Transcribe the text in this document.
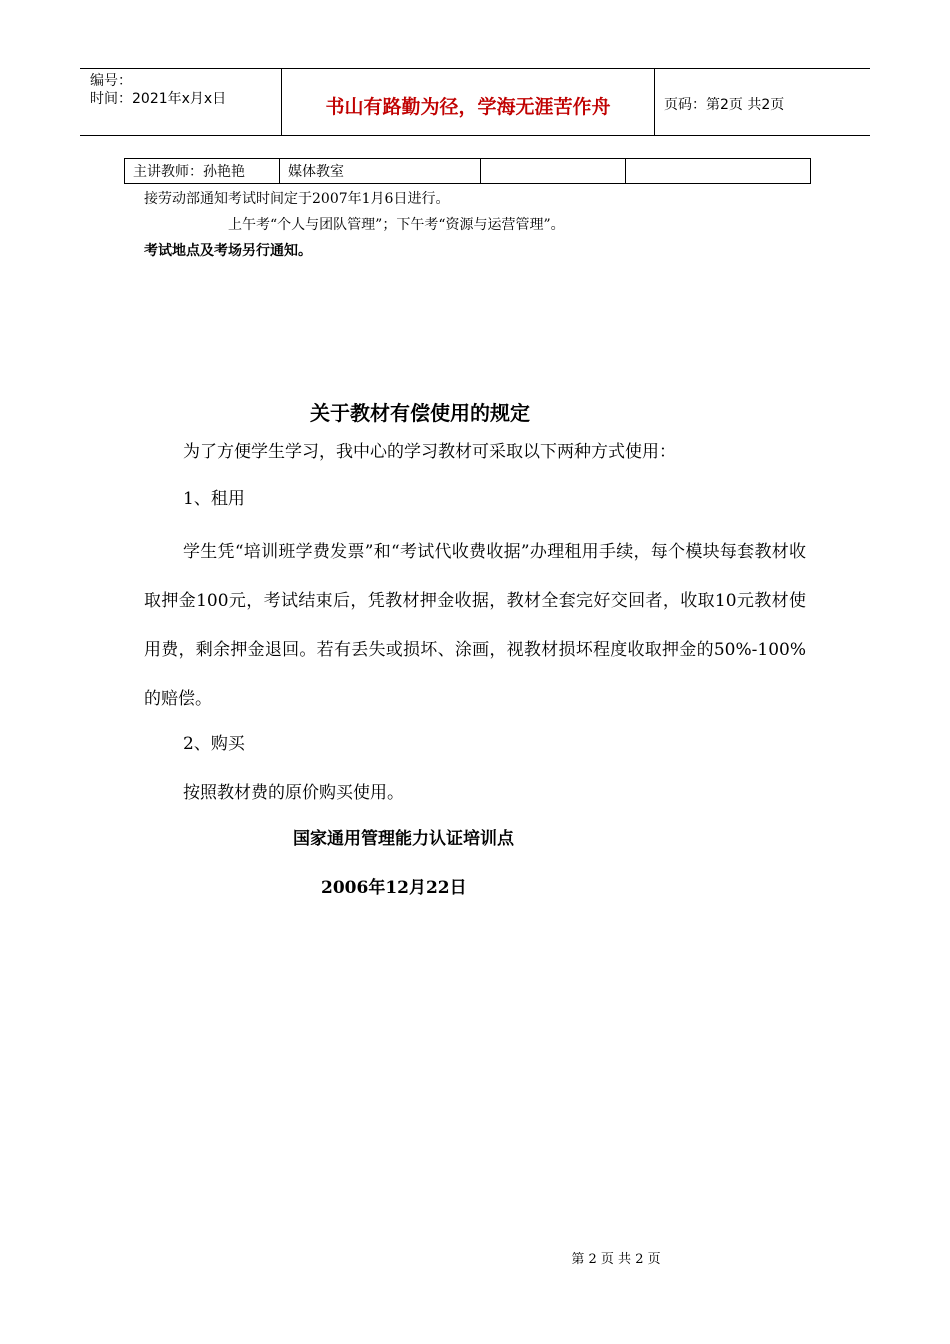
编号：
时间：2021年x月x日	书山有路勤为径，学海无涯苦作舟	页码：第2页 共2页
主讲教师：孙艳艳	媒体教室		
接劳动部通知考试时间定于2007年1月6日进行。
上午考“个人与团队管理”；下午考“资源与运营管理”。
考试地点及考场另行通知。
关于教材有偿使用的规定
为了方便学生学习，我中心的学习教材可采取以下两种方式使用：
1、租用
学生凭“培训班学费发票”和“考试代收费收据”办理租用手续，每个模块每套教材收取押金100元，考试结束后，凭教材押金收据，教材全套完好交回者，收取10元教材使用费，剩余押金退回。若有丢失或损坏、涂画，视教材损坏程度收取押金的50%-100%的赔偿。
2、购买
按照教材费的原价购买使用。
国家通用管理能力认证培训点
2006年12月22日
第 2 页 共 2 页
